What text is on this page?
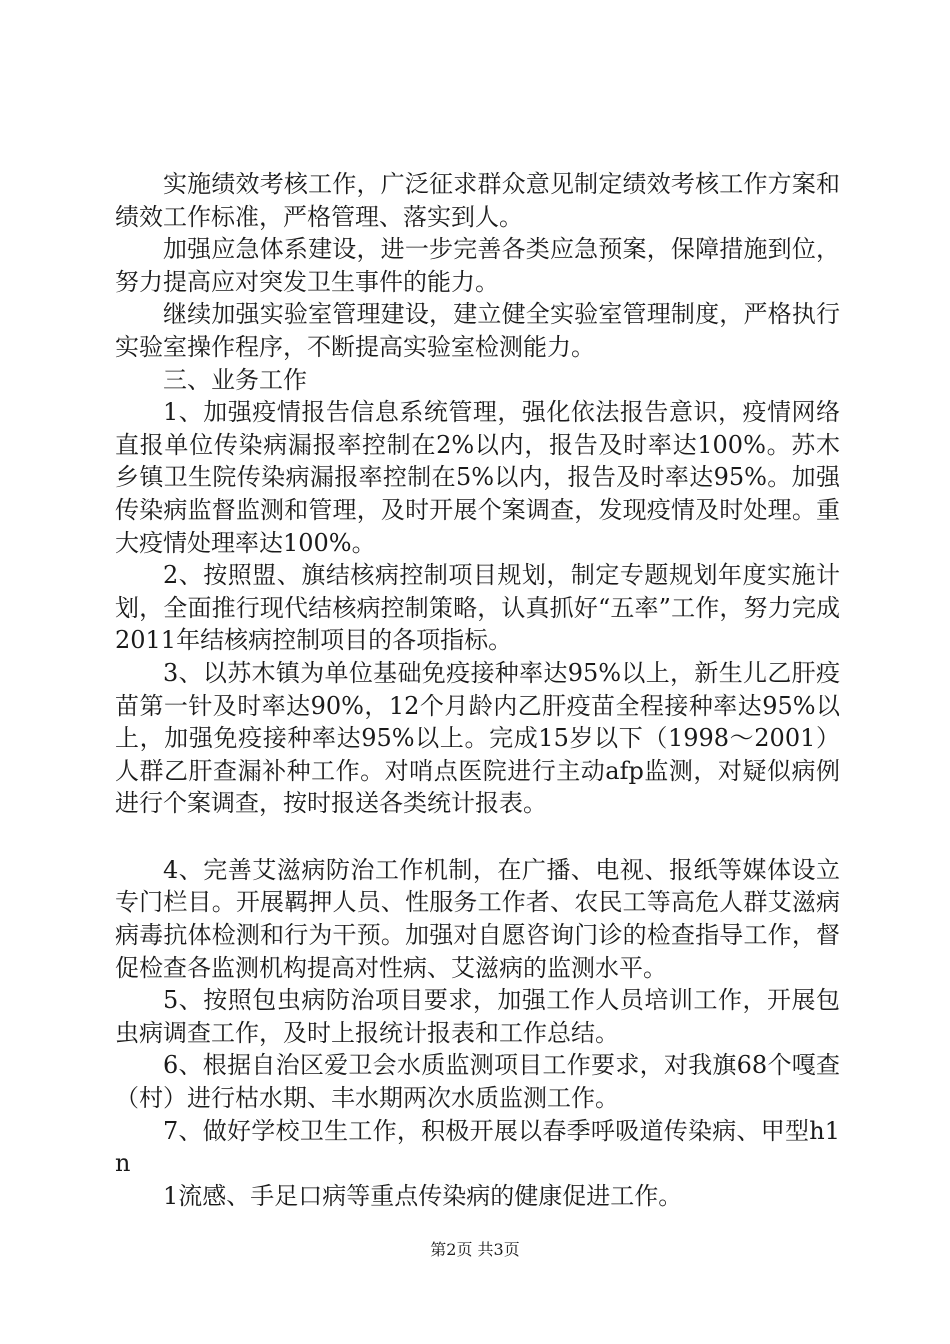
实施绩效考核工作，广泛征求群众意见制定绩效考核工作方案和绩效工作标准，严格管理、落实到人。

加强应急体系建设，进一步完善各类应急预案，保障措施到位，努力提高应对突发卫生事件的能力。

继续加强实验室管理建设，建立健全实验室管理制度，严格执行实验室操作程序，不断提高实验室检测能力。

三、业务工作

1、加强疫情报告信息系统管理，强化依法报告意识，疫情网络直报单位传染病漏报率控制在2%以内，报告及时率达100%。苏木乡镇卫生院传染病漏报率控制在5%以内，报告及时率达95%。加强传染病监督监测和管理，及时开展个案调查，发现疫情及时处理。重大疫情处理率达100%。

2、按照盟、旗结核病控制项目规划，制定专题规划年度实施计划，全面推行现代结核病控制策略，认真抓好“五率”工作，努力完成2011年结核病控制项目的各项指标。

3、以苏木镇为单位基础免疫接种率达95%以上，新生儿乙肝疫苗第一针及时率达90%，12个月龄内乙肝疫苗全程接种率达95%以上，加强免疫接种率达95%以上。完成15岁以下（1998～2001）人群乙肝查漏补种工作。对哨点医院进行主动afp监测，对疑似病例进行个案调查，按时报送各类统计报表。

4、完善艾滋病防治工作机制，在广播、电视、报纸等媒体设立专门栏目。开展羁押人员、性服务工作者、农民工等高危人群艾滋病病毒抗体检测和行为干预。加强对自愿咨询门诊的检查指导工作，督促检查各监测机构提高对性病、艾滋病的监测水平。

5、按照包虫病防治项目要求，加强工作人员培训工作，开展包虫病调查工作，及时上报统计报表和工作总结。

6、根据自治区爱卫会水质监测项目工作要求，对我旗68个嘎查（村）进行枯水期、丰水期两次水质监测工作。

7、做好学校卫生工作，积极开展以春季呼吸道传染病、甲型h1n

1流感、手足口病等重点传染病的健康促进工作。

第2页 共3页
